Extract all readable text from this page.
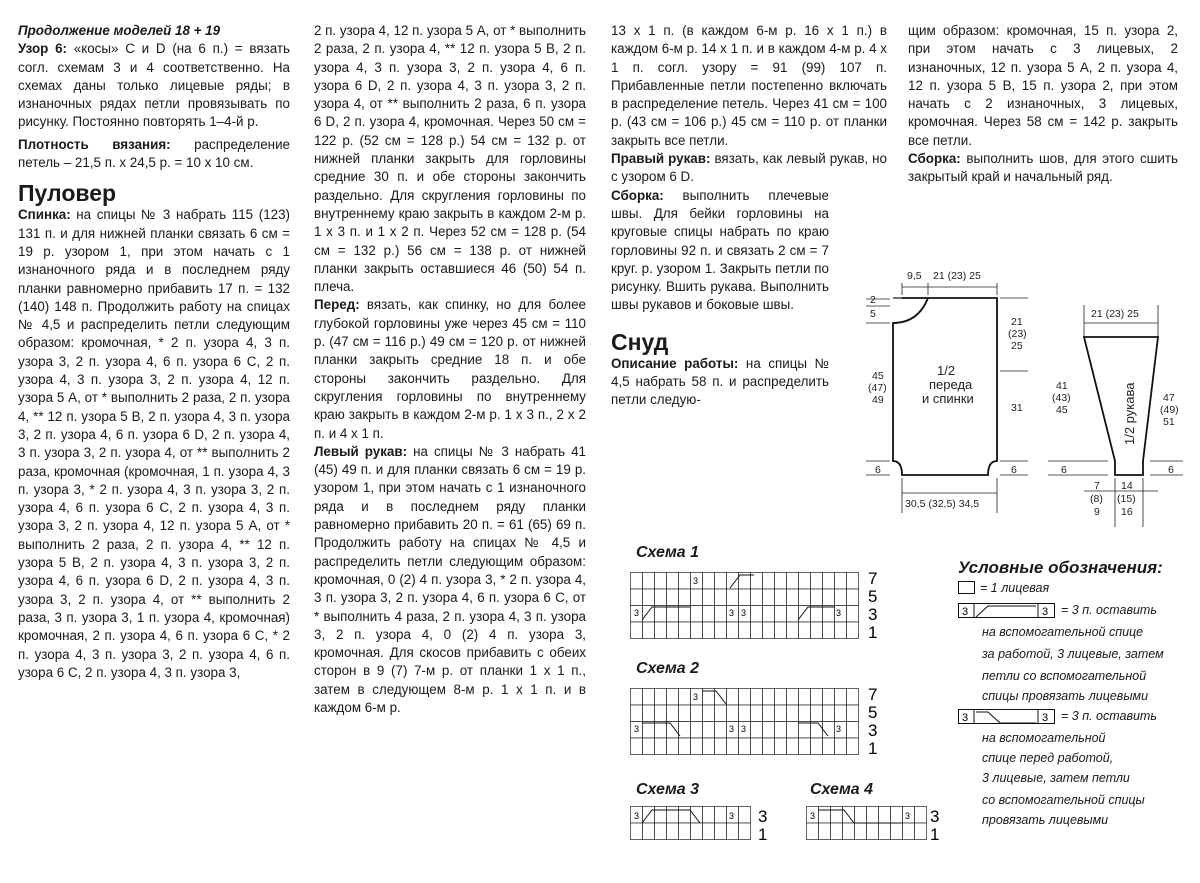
Продолжение моделей 18 + 19

Узор 6: «косы» C и D (на 6 п.) = вязать согл. схемам 3 и 4 соответственно. На схемах даны только лицевые ряды; в изнаночных рядах петли провязывать по рисунку. Постоянно повторять 1–4-й р.

Плотность вязания: распределение петель – 21,5 п. х 24,5 р. = 10 х 10 см.

Пуловер

Спинка: на спицы № 3 набрать 115 (123) 131 п. и для нижней планки связать 6 см = 19 р. узором 1, при этом начать с 1 изнаночного ряда и в последнем ряду планки равномерно прибавить 17 п. = 132 (140) 148 п. Продолжить работу на спицах № 4,5 и распределить петли следующим образом: кромочная, * 2 п. узора 4, 3 п. узора 3, 2 п. узора 4, 6 п. узора 6 C, 2 п. узора 4, 3 п. узора 3, 2 п. узора 4, 12 п. узора 5 A, от * выполнить 2 раза, 2 п. узора 4, ** 12 п. узора 5 B, 2 п. узора 4, 3 п. узора 3, 2 п. узора 4, 6 п. узора 6 D, 2 п. узора 4, 3 п. узора 3, 2 п. узора 4, от ** выполнить 2 раза, кромочная (кромочная, 1 п. узора 4, 3 п. узора 3, * 2 п. узора 4, 3 п. узора 3, 2 п. узора 4, 6 п. узора 6 C, 2 п. узора 4, 3 п. узора 3, 2 п. узора 4, 12 п. узора 5 A, от * выполнить 2 раза, 2 п. узора 4, ** 12 п. узора 5 B, 2 п. узора 4, 3 п. узора 3, 2 п. узора 4, 6 п. узора 6 D, 2 п. узора 4, 3 п. узора 3, 2 п. узора 4, от ** выполнить 2 раза, 3 п. узора 3, 1 п. узора 4, кромочная) кромочная, 2 п. узора 4, 6 п. узора 6 C, * 2 п. узора 4, 3 п. узора 3, 2 п. узора 4, 6 п. узора 6 C, 2 п. узора 4, 3 п. узора 3,

2 п. узора 4, 12 п. узора 5 A, от * выполнить 2 раза, 2 п. узора 4, ** 12 п. узора 5 B, 2 п. узора 4, 3 п. узора 3, 2 п. узора 4, 6 п. узора 6 D, 2 п. узора 4, 3 п. узора 3, 2 п. узора 4, от ** выполнить 2 раза, 6 п. узора 6 D, 2 п. узора 4, кромочная. Через 50 см = 122 р. (52 см = 128 р.) 54 см = 132 р. от нижней планки закрыть для горловины средние 30 п. и обе стороны закончить раздельно. Для скругления горловины по внутреннему краю закрыть в каждом 2-м р. 1 х 3 п. и 1 х 2 п. Через 52 см = 128 р. (54 см = 132 р.) 56 см = 138 р. от нижней планки закрыть оставшиеся 46 (50) 54 п. плеча.

Перед: вязать, как спинку, но для более глубокой горловины уже через 45 см = 110 р. (47 см = 116 р.) 49 см = 120 р. от нижней планки закрыть средние 18 п. и обе стороны закончить раздельно. Для скругления горловины по внутреннему краю закрыть в каждом 2-м р. 1 х 3 п., 2 х 2 п. и 4 х 1 п.

Левый рукав: на спицы № 3 набрать 41 (45) 49 п. и для планки связать 6 см = 19 р. узором 1, при этом начать с 1 изнаночного ряда и в последнем ряду планки равномерно прибавить 20 п. = 61 (65) 69 п. Продолжить работу на спицах № 4,5 и распределить петли следующим образом: кромочная, 0 (2) 4 п. узора 3, * 2 п. узора 4, 3 п. узора 3, 2 п. узора 4, 6 п. узора 6 C, от * выполнить 4 раза, 2 п. узора 4, 3 п. узора 3, 2 п. узора 4, 0 (2) 4 п. узора 3, кромочная. Для скосов прибавить с обеих сторон в 9 (7) 7-м р. от планки 1 х 1 п., затем в следующем 8-м р. 1 х 1 п. и в каждом 6-м р.

13 х 1 п. (в каждом 6-м р. 16 х 1 п.) в каждом 6-м р. 14 х 1 п. и в каждом 4-м р. 4 х 1 п. согл. узору = 91 (99) 107 п. Прибавленные петли постепенно включать в распределение петель. Через 41 см = 100 р. (43 см = 106 р.) 45 см = 110 р. от планки закрыть все петли.

Правый рукав: вязать, как левый рукав, но с узором 6 D.

Сборка: выполнить плечевые швы. Для бейки горловины на круговые спицы набрать по краю горловины 92 п. и связать 2 см = 7 круг. р. узором 1. Закрыть петли по рисунку. Вшить рукава. Выполнить швы рукавов и боковые швы.

Снуд

Описание работы: на спицы № 4,5 набрать 58 п. и распределить петли следую-

щим образом: кромочная, 15 п. узора 2, при этом начать с 3 лицевых, 2 изнаночных, 12 п. узора 5 A, 2 п. узора 4, 12 п. узора 5 B, 15 п. узора 2, при этом начать с 2 изнаночных, 3 лицевых, кромочная. Через 58 см = 142 р. закрыть все петли.

Сборка: выполнить шов, для этого сшить закрытый край и начальный ряд.

9,5 21 (23) 25
2
5
21
(23)
25
45
(47)
49
1/2
переда
и спинки
31
6	6
30,5 (32,5) 34,5
21 (23) 25
41
(43)
45	1/2 рукава 47
(49)
51
6	6
7
(8)
9
14
(15)
16
Схема 1
Схема 2
Схема 3	Схема 4
3
3	3 3	3
7
5
3
1
3
3	3 3	3
7
5
3
1
3	3 3
1
3	3 3
1
Условные обозначения:
= 1 лицевая
3	3 = 3 п. оставить
на вспомогательной спице
за работой, 3 лицевые, затем
петли со вспомогательной
спицы провязать лицевыми
3	3 = 3 п. оставить
на вспомогательной
спице перед работой,
3 лицевые, затем петли
со вспомогательной спицы
провязать лицевыми
